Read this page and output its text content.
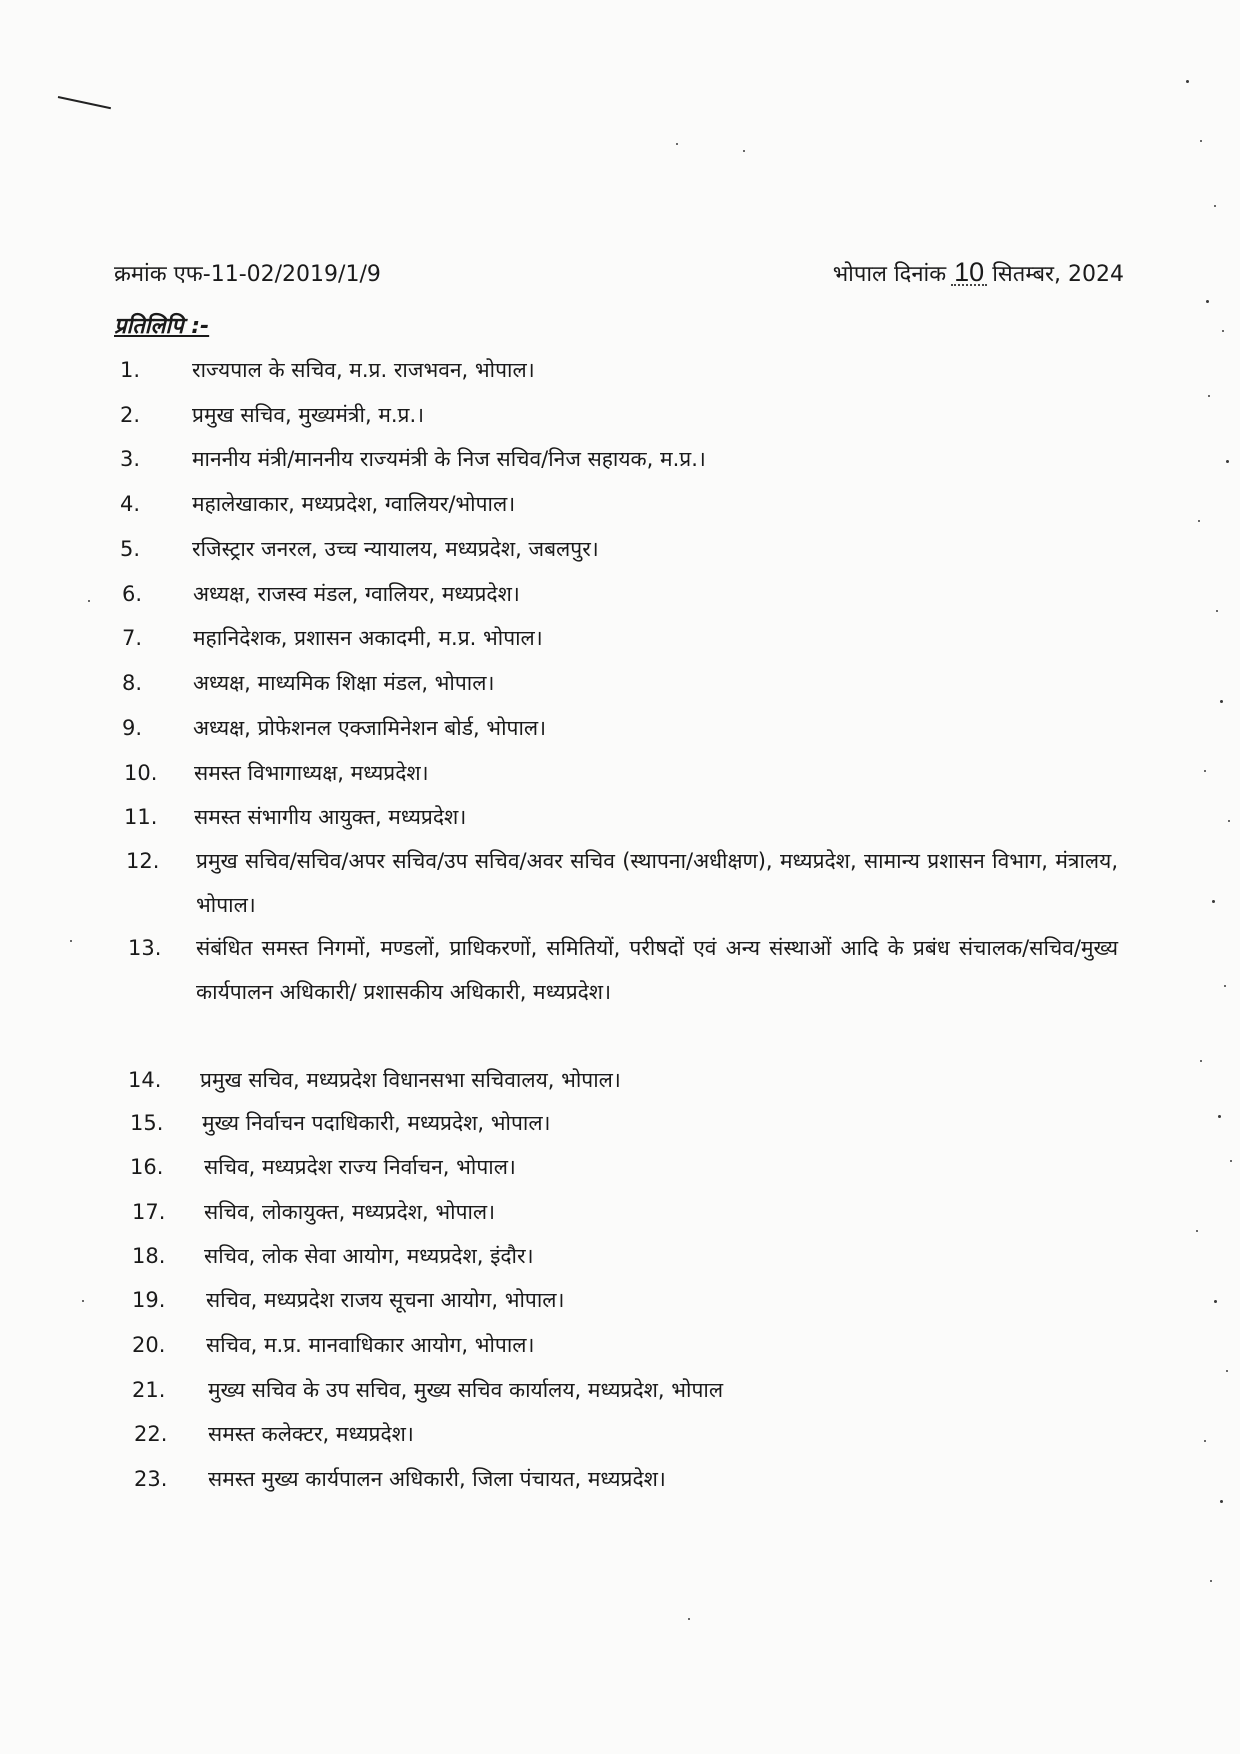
क्रमांक एफ-11-02/2019/1/9	भोपाल दिनांक 10 सितम्बर, 2024
प्रतिलिपि :-
1.	राज्यपाल के सचिव, म.प्र. राजभवन, भोपाल।
2.	प्रमुख सचिव, मुख्यमंत्री, म.प्र.।
3.	माननीय मंत्री/माननीय राज्यमंत्री के निज सचिव/निज सहायक, म.प्र.।
4.	महालेखाकार, मध्यप्रदेश, ग्वालियर/भोपाल।
5.	रजिस्ट्रार जनरल, उच्च न्यायालय, मध्यप्रदेश, जबलपुर।
6.	अध्यक्ष, राजस्व मंडल, ग्वालियर, मध्यप्रदेश।
7.	महानिदेशक, प्रशासन अकादमी, म.प्र. भोपाल।
8.	अध्यक्ष, माध्यमिक शिक्षा मंडल, भोपाल।
9.	अध्यक्ष, प्रोफेशनल एक्जामिनेशन बोर्ड, भोपाल।
10.	समस्त विभागाध्यक्ष, मध्यप्रदेश।
11.	समस्त संभागीय आयुक्त, मध्यप्रदेश।
12.	प्रमुख सचिव/सचिव/अपर सचिव/उप सचिव/अवर सचिव (स्थापना/अधीक्षण), मध्यप्रदेश, सामान्य प्रशासन विभाग, मंत्रालय, भोपाल।
13.	संबंधित समस्त निगमों, मण्डलों, प्राधिकरणों, समितियों, परीषदों एवं अन्य संस्थाओं आदि के प्रबंध संचालक/सचिव/मुख्य कार्यपालन अधिकारी/ प्रशासकीय अधिकारी, मध्यप्रदेश।
14.	प्रमुख सचिव, मध्यप्रदेश विधानसभा सचिवालय, भोपाल।
15.	मुख्य निर्वाचन पदाधिकारी, मध्यप्रदेश, भोपाल।
16.	सचिव, मध्यप्रदेश राज्य निर्वाचन, भोपाल।
17.	सचिव, लोकायुक्त, मध्यप्रदेश, भोपाल।
18.	सचिव, लोक सेवा आयोग, मध्यप्रदेश, इंदौर।
19.	सचिव, मध्यप्रदेश राजय सूचना आयोग, भोपाल।
20.	सचिव, म.प्र. मानवाधिकार आयोग, भोपाल।
21.	मुख्य सचिव के उप सचिव, मुख्य सचिव कार्यालय, मध्यप्रदेश, भोपाल
22.	समस्त कलेक्टर, मध्यप्रदेश।
23.	समस्त मुख्य कार्यपालन अधिकारी, जिला पंचायत, मध्यप्रदेश।
